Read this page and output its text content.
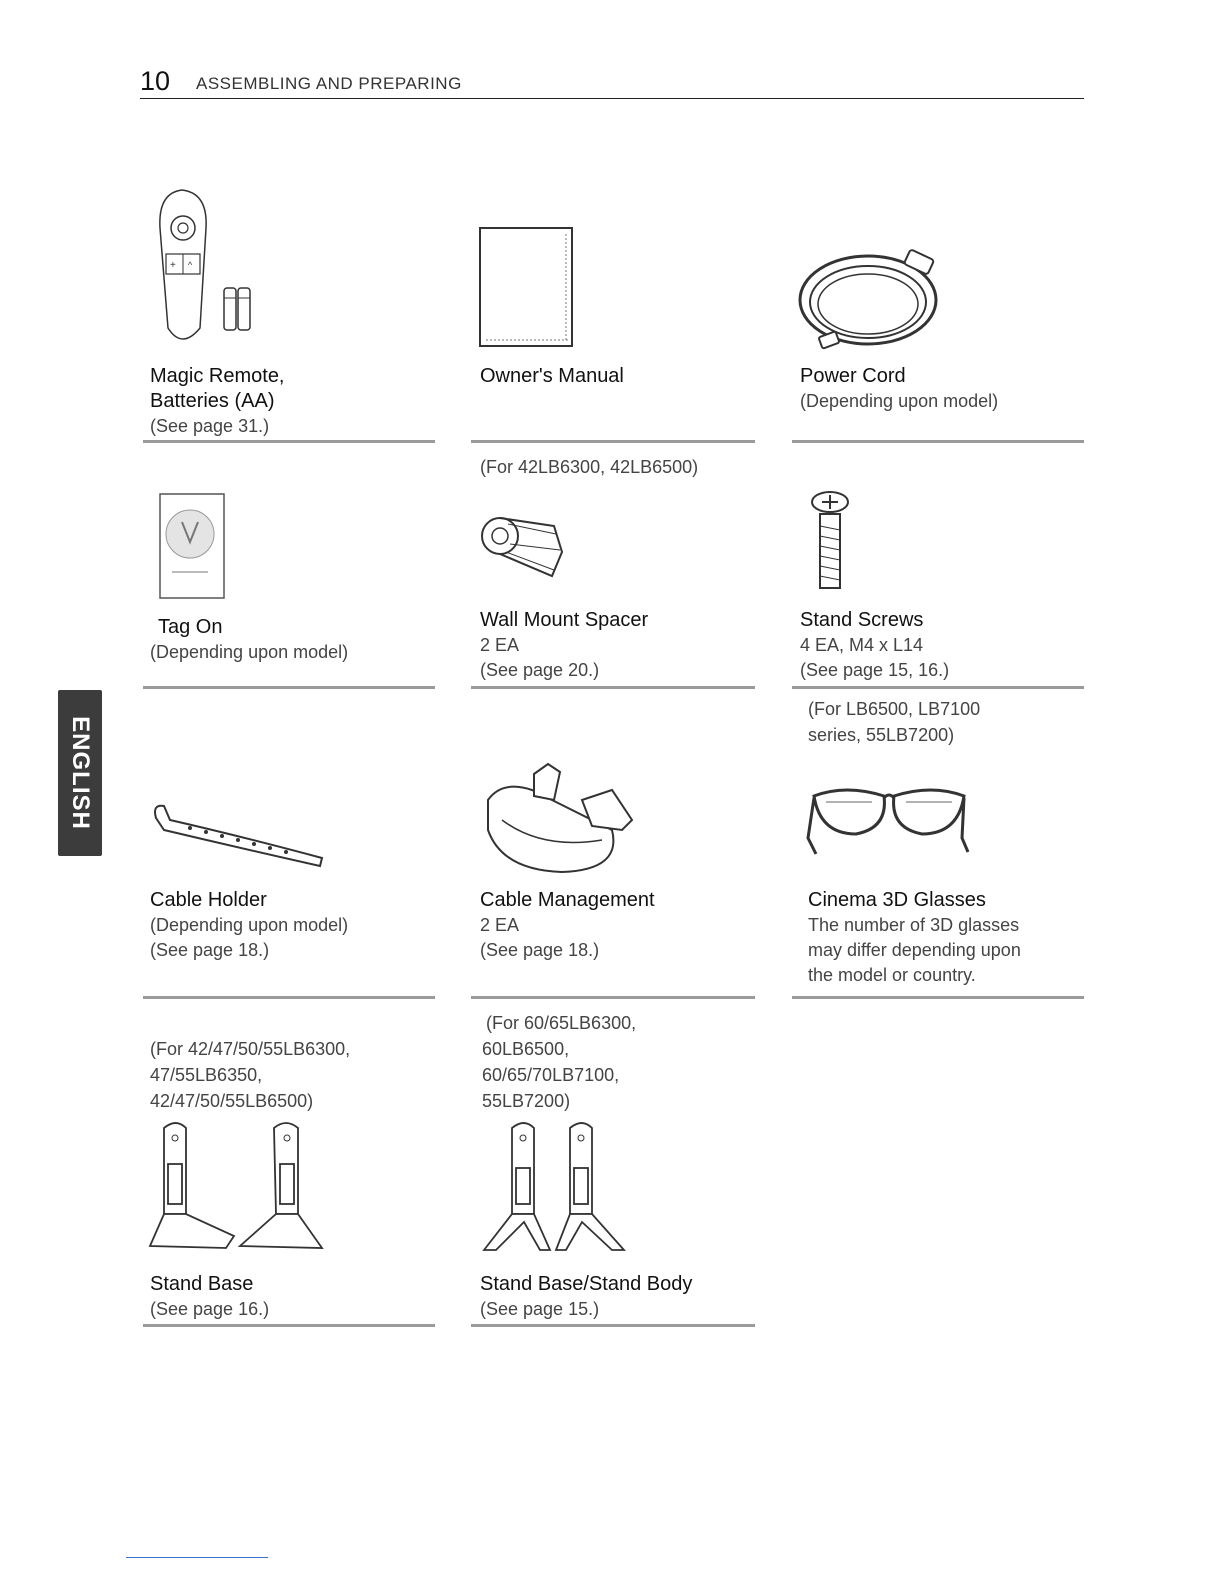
10 ASSEMBLING AND PREPARING
ENGLISH
+ ^
Magic Remote,
Batteries (AA)
(See page 31.)
Owner's Manual	Power Cord
(Depending upon model)
Tag On
(Depending upon model)
(For 42LB6300, 42LB6500)
Wall Mount Spacer
2 EA
(See page 20.)
Stand Screws
4 EA, M4 x L14
(See page 15, 16.)
Cable Holder
(Depending upon model)
(See page 18.)
Cable Management
2 EA
(See page 18.)
(For LB6500, LB7100
series, 55LB7200)
Cinema 3D Glasses
The number of 3D glasses
may differ depending upon
the model or country.
(For 42/47/50/55LB6300,
47/55LB6350,
42/47/50/55LB6500)
Stand Base
(See page 16.)
(For 60/65LB6300,
60LB6500,
60/65/70LB7100,
55LB7200)
Stand Base/Stand Body
(See page 15.)
